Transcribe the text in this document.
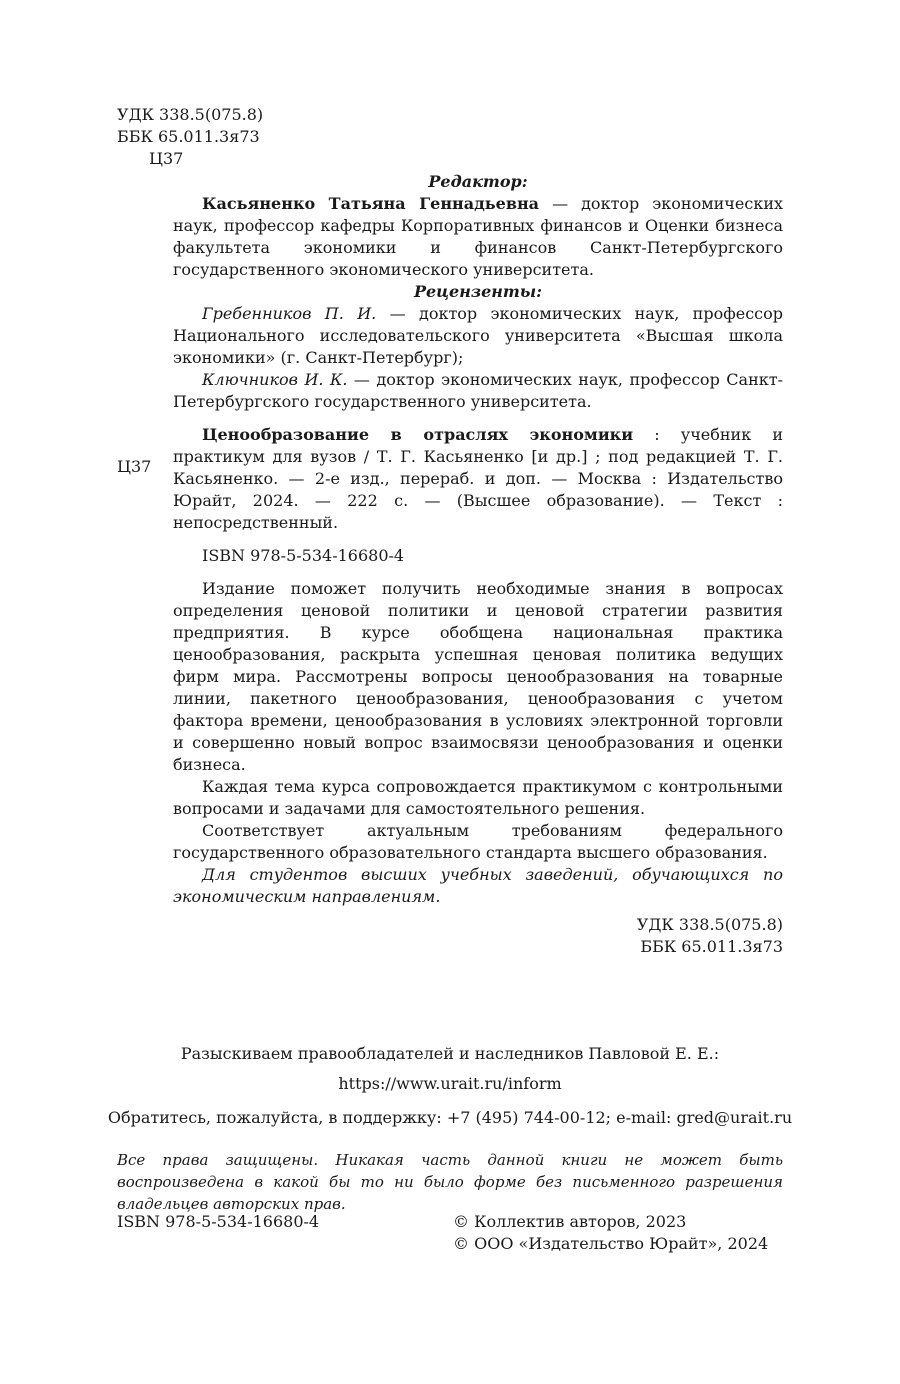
УДК 338.5(075.8)
ББК 65.011.3я73
Ц37
Редактор:

Касьяненко Татьяна Геннадьевна — доктор экономических наук, профессор кафедры Корпоративных финансов и Оценки бизнеса факультета экономики и финансов Санкт-Петербургского государственного экономического университета.

Рецензенты:

Гребенников П. И. — доктор экономических наук, профессор Национального исследовательского университета «Высшая школа экономики» (г. Санкт-Петербург);

Ключников И. К. — доктор экономических наук, профессор Санкт-Петербургского государственного университета.

Ценообразование в отраслях экономики : учебник и практикум для вузов / Т. Г. Касьяненко [и др.] ; под редакцией Т. Г. Касьяненко. — 2-е изд., перераб. и доп. — Москва : Издательство Юрайт, 2024. — 222 с. — (Высшее образование). — Текст : непосредственный.

ISBN 978-5-534-16680-4

Издание поможет получить необходимые знания в вопросах определения ценовой политики и ценовой стратегии развития предприятия. В курсе обобщена национальная практика ценообразования, раскрыта успешная ценовая политика ведущих фирм мира. Рассмотрены вопросы ценообразования на товарные линии, пакетного ценообразования, ценообразования с учетом фактора времени, ценообразования в условиях электронной торговли и совершенно новый вопрос взаимосвязи ценообразования и оценки бизнеса.

Каждая тема курса сопровождается практикумом с контрольными вопросами и задачами для самостоятельного решения.

Соответствует актуальным требованиям федерального государственного образовательного стандарта высшего образования.

Для студентов высших учебных заведений, обучающихся по экономическим направлениям.

УДК 338.5(075.8)
ББК 65.011.3я73
Ц37
Разыскиваем правообладателей и наследников Павловой Е. Е.:
https://www.urait.ru/inform
Обратитесь, пожалуйста, в поддержку: +7 (495) 744-00-12; e-mail: gred@urait.ru
Все права защищены. Никакая часть данной книги не может быть воспроизведена в какой бы то ни было форме без письменного разрешения владельцев авторских прав.
ISBN 978-5-534-16680-4	© Коллектив авторов, 2023
© ООО «Издательство Юрайт», 2024
